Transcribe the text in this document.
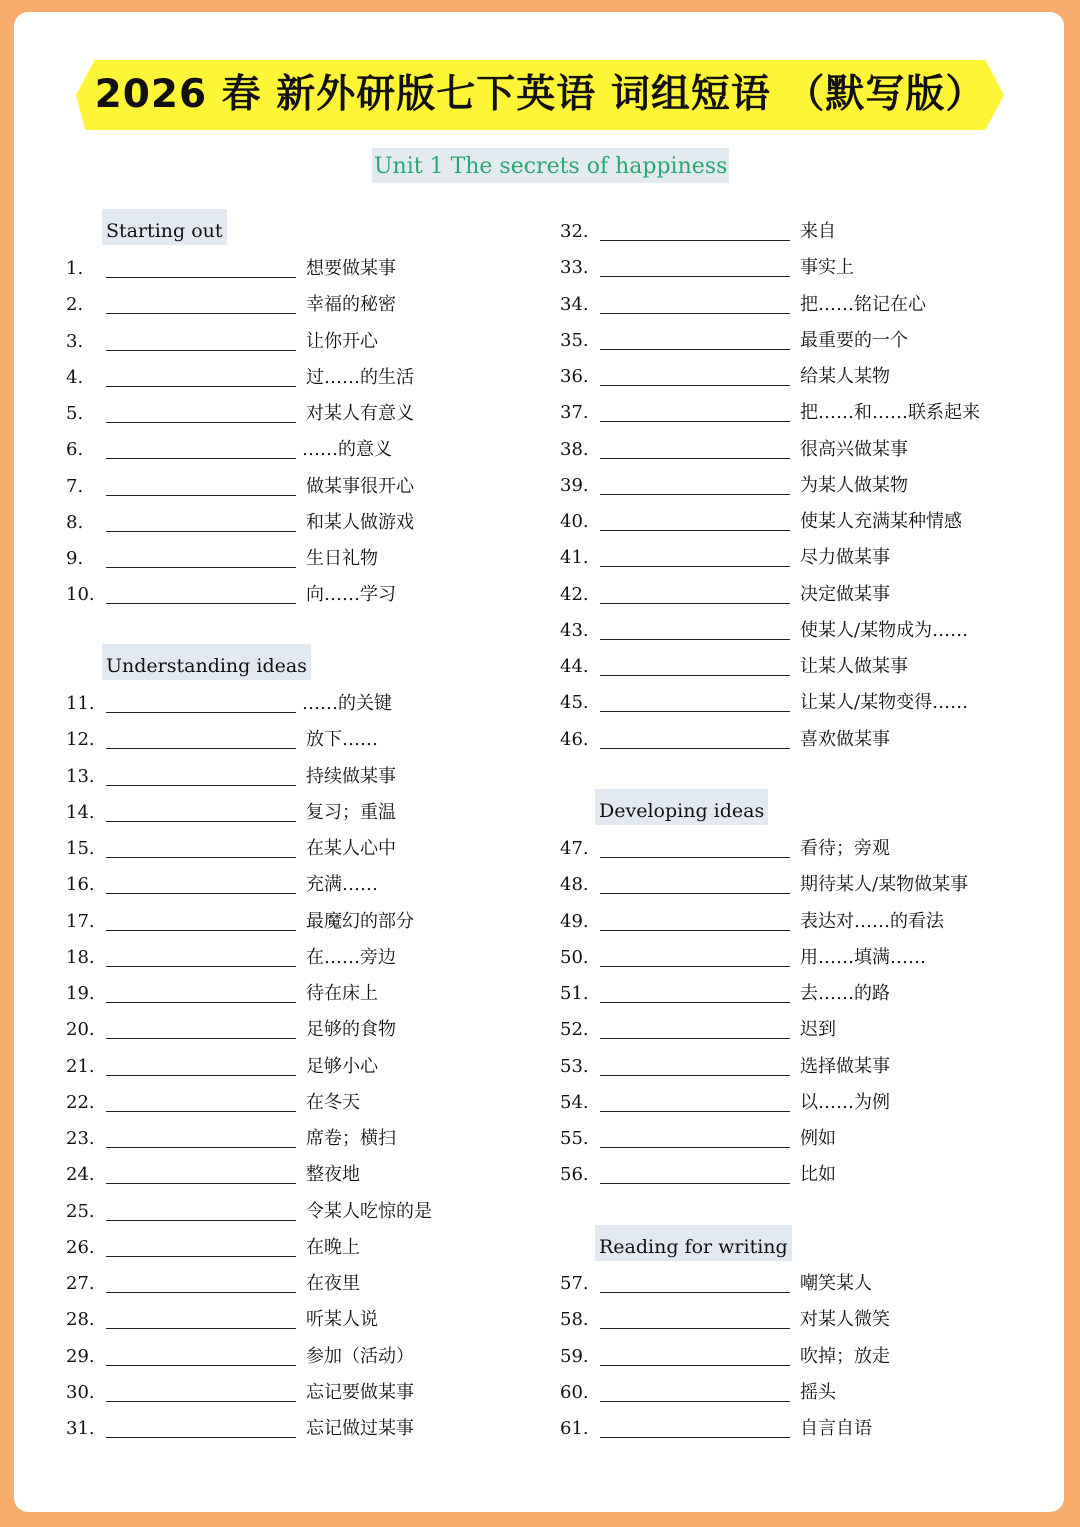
2026 春 新外研版七下英语 词组短语 （默写版）
Unit 1 The secrets of happiness
Starting out
Understanding ideas
Developing ideas
Reading for writing
1.	想要做某事
2.	幸福的秘密
3.	让你开心
4.	过……的生活
5.	对某人有意义
6.	……的意义
7.	做某事很开心
8.	和某人做游戏
9.	生日礼物
10.	向……学习
11.	……的关键
12.	放下……
13.	持续做某事
14.	复习；重温
15.	在某人心中
16.	充满……
17.	最魔幻的部分
18.	在……旁边
19.	待在床上
20.	足够的食物
21.	足够小心
22.	在冬天
23.	席卷；横扫
24.	整夜地
25.	令某人吃惊的是
26.	在晚上
27.	在夜里
28.	听某人说
29.	参加（活动）
30.	忘记要做某事
31.	忘记做过某事
32.	来自
33.	事实上
34.	把……铭记在心
35.	最重要的一个
36.	给某人某物
37.	把……和……联系起来
38.	很高兴做某事
39.	为某人做某物
40.	使某人充满某种情感
41.	尽力做某事
42.	决定做某事
43.	使某人/某物成为……
44.	让某人做某事
45.	让某人/某物变得……
46.	喜欢做某事
47.	看待；旁观
48.	期待某人/某物做某事
49.	表达对……的看法
50.	用……填满……
51.	去……的路
52.	迟到
53.	选择做某事
54.	以……为例
55.	例如
56.	比如
57.	嘲笑某人
58.	对某人微笑
59.	吹掉；放走
60.	摇头
61.	自言自语
